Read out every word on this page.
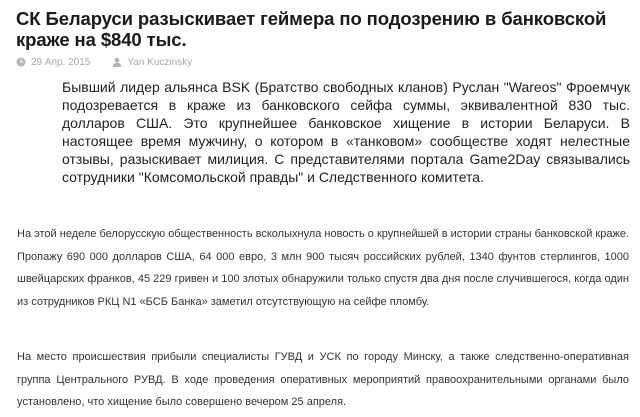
СК Беларуси разыскивает геймера по подозрению в банковской краже на $840 тыс.
29 Апр. 2015	Yan Kuczinsky

Бывший лидер альянса BSK (Братство свободных кланов) Руслан "Wareos" Фроемчук подозревается в краже из банковского сейфа суммы, эквивалентной 830 тыс. долларов США. Это крупнейшее банковское хищение в истории Беларуси. В настоящее время мужчину, о котором в «танковом» сообществе ходят нелестные отзывы, разыскивает милиция. С представителями портала Game2Day связывались сотрудники "Комсомольской правды" и Следственного комитета.

На этой неделе белорусскую общественность всколыхнула новость о крупнейшей в истории страны банковской краже. Пропажу 690 000 долларов США, 64 000 евро, 3 млн 900 тысяч российских рублей, 1340 фунтов стерлингов, 1000 швейцарских франков, 45 229 гривен и 100 злотых обнаружили только спустя два дня после случившегося, когда один из сотрудников РКЦ N1 «БСБ Банка» заметил отсутствующую на сейфе пломбу.

На место происшествия прибыли специалисты ГУВД и УСК по городу Минску, а также следственно-оперативная группа Центрального РУВД. В ходе проведения оперативных мероприятий правоохранительными органами было установлено, что хищение было совершено вечером 25 апреля.
